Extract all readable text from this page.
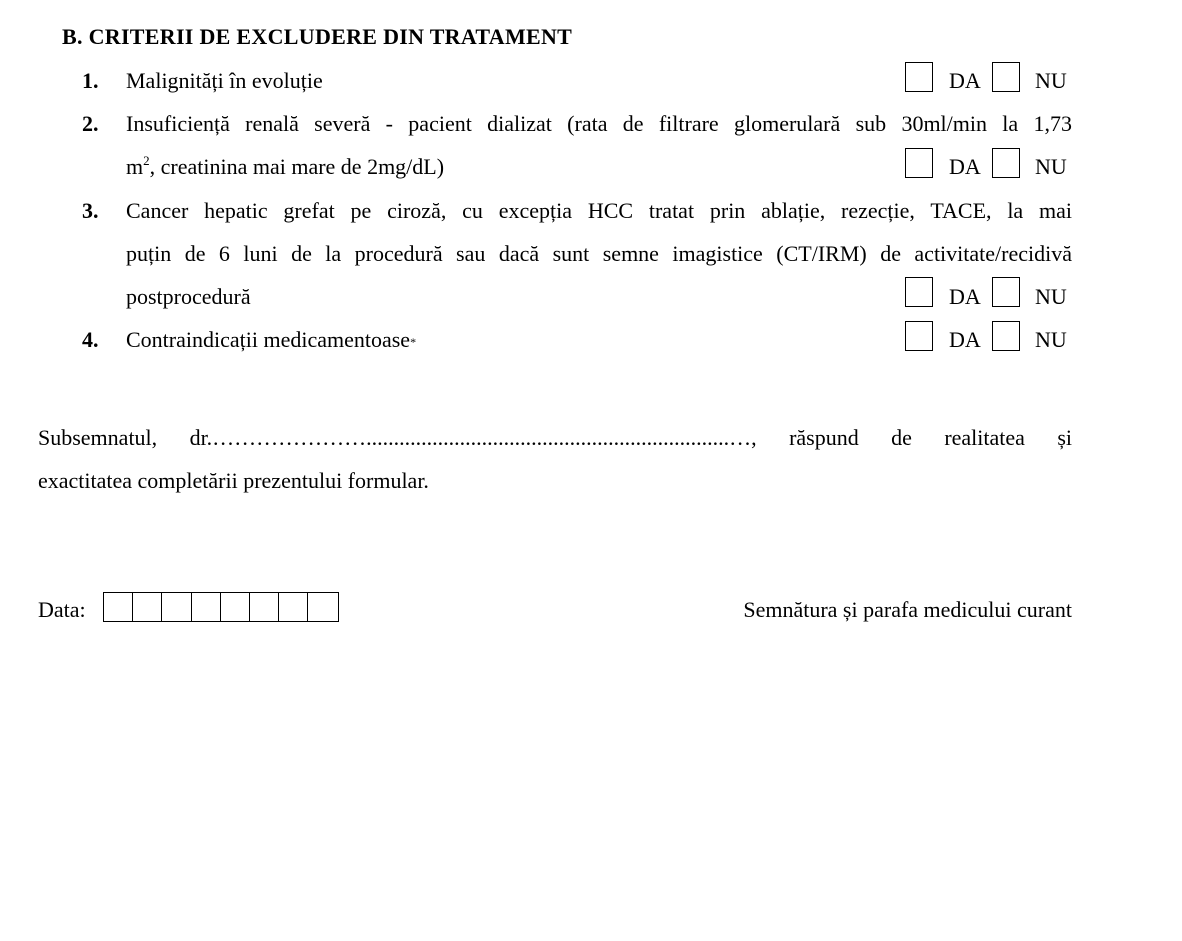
B. CRITERII DE EXCLUDERE DIN TRATAMENT
1. Malignități în evoluție	DA NU
2. Insuficiență renală severă - pacient dializat (rata de filtrare glomerulară sub 30ml/min la 1,73
$m^2$, creatinina mai mare de 2mg/dL)	DA NU
3. Cancer hepatic grefat pe ciroză, cu excepția HCC tratat prin ablație, rezecție, TACE, la mai
puțin de 6 luni de la procedură sau dacă sunt semne imagistice (CT/IRM) de activitate/recidivă
postprocedură	DA NU
4. Contraindicații medicamentoase*	DA NU
Subsemnatul, dr.…………………..................................................................…, răspund de realitatea și
exactitatea completării prezentului formular.
Data:	Semnătura și parafa medicului curant
